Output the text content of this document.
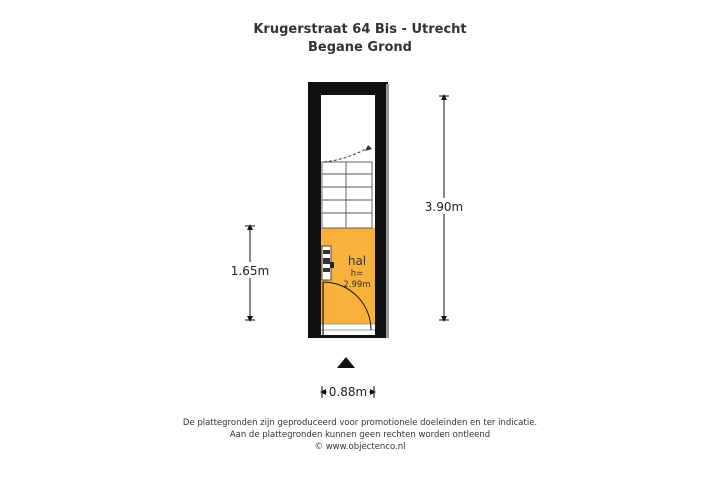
Krugerstraat 64 Bis - Utrecht
Begane Grond
hal
h=
2.99m
3.90m
1.65m
0.88m
De plattegronden zijn geproduceerd voor promotionele doeleinden en ter indicatie.
Aan de plattegronden kunnen geen rechten worden ontleend
© www.objectenco.nl
